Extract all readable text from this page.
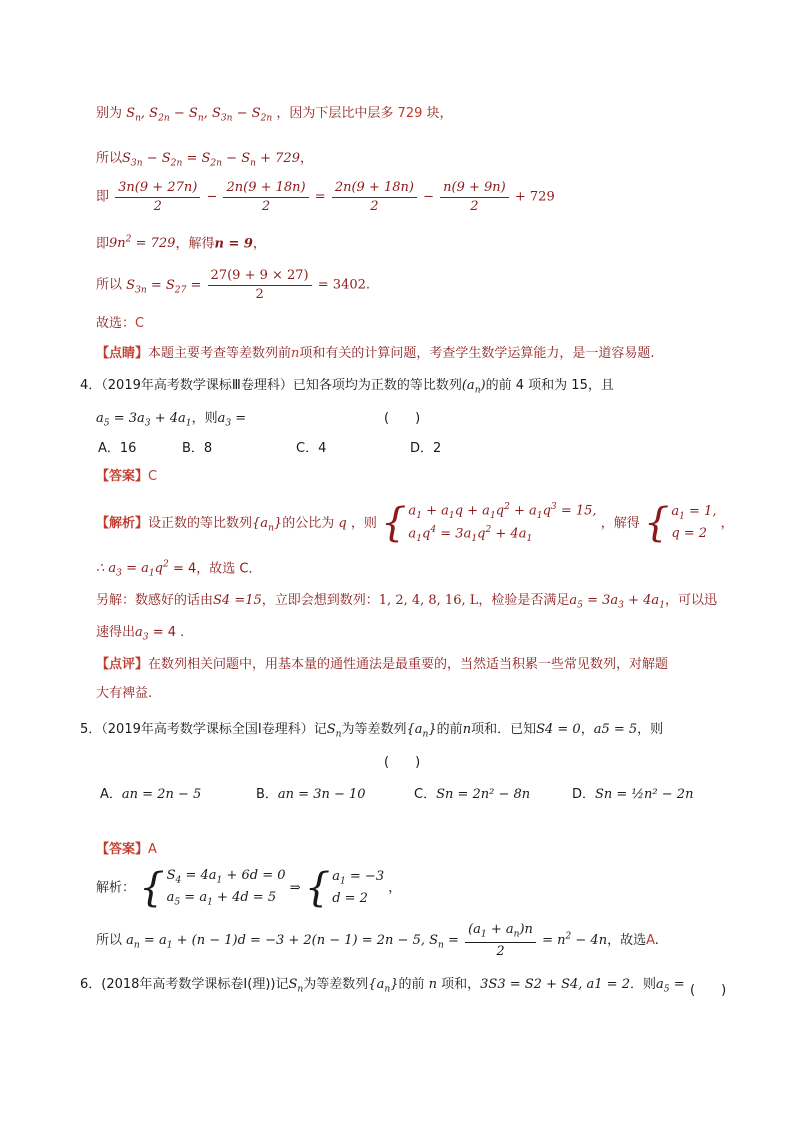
别为 $S_n$, $S_{2n} - S_n$, $S_{3n} - S_{2n}$ ，因为下层比中层多 729 块，
所以$S_{3n} - S_{2n} = S_{2n} - S_n + 729$，
即 $\frac{3n(9 + 27n)}{2} - \frac{2n(9 + 18n)}{2} = \frac{2n(9 + 18n)}{2} - \frac{n(9 + 9n)}{2} + 729$
即$9n^2 = 729$，解得n = 9，
所以 $S_{3n} = S_{27} = \frac{27(9 + 9 \times 27)}{2} = 3402$.
故选：C
【点睛】本题主要考查等差数列前n项和有关的计算问题，考查学生数学运算能力，是一道容易题.
4．（2019年高考数学课标Ⅲ卷理科）已知各项均为正数的等比数列$(a_n)$的前 4 项和为 15，且
$a_5 = 3a_3 + 4a_1$，则$a_3$ =	(　　)
A．16	B．8	C．4	D．2
【答案】C
【解析】设正数的等比数列$\{a_n\}$的公比为 q ，则 { $a_1 + a_1q + a_1q^2 + a_1q^3 = 15$,
$a_1q^4 = 3a_1q^2 + 4a_1$
，解得 { $a_1 = 1$,
q = 2
，
∴ $a_3 = a_1q^2 = 4$，故选 C．
另解：数感好的话由S4 =15，立即会想到数列：1, 2, 4, 8, 16, L，检验是否满足$a_5 = 3a_3 + 4a_1$，可以迅
速得出$a_3 = 4$ .
【点评】在数列相关问题中，用基本量的通性通法是最重要的，当然适当积累一些常见数列，对解题
大有裨益.
5．（2019年高考数学课标全国Ⅰ卷理科）记$S_n$为等差数列$\{a_n\}$的前n项和．已知S4 = 0，a5 = 5，则
(　　)
A．an = 2n − 5	B．an = 3n − 10	C．Sn = 2n² − 8n	D．Sn = ½n² − 2n
【答案】A
解析： { $S_4 = 4a_1 + 6d = 0$
$a_5 = a_1 + 4d = 5$
⇒ { $a_1 = -3$
d = 2
，
所以 $a_n = a_1 + (n - 1)d = -3 + 2(n - 1) = 2n - 5$, $S_n = \frac{(a_1 + a_n)n}{2} = n^2 - 4n$，故选A.
6．(2018年高考数学课标卷Ⅰ(理))记$S_n$为等差数列$\{a_n\}$的前 n 项和，3S3 = S2 + S4, a1 = 2．则$a_5$ = (　　)
